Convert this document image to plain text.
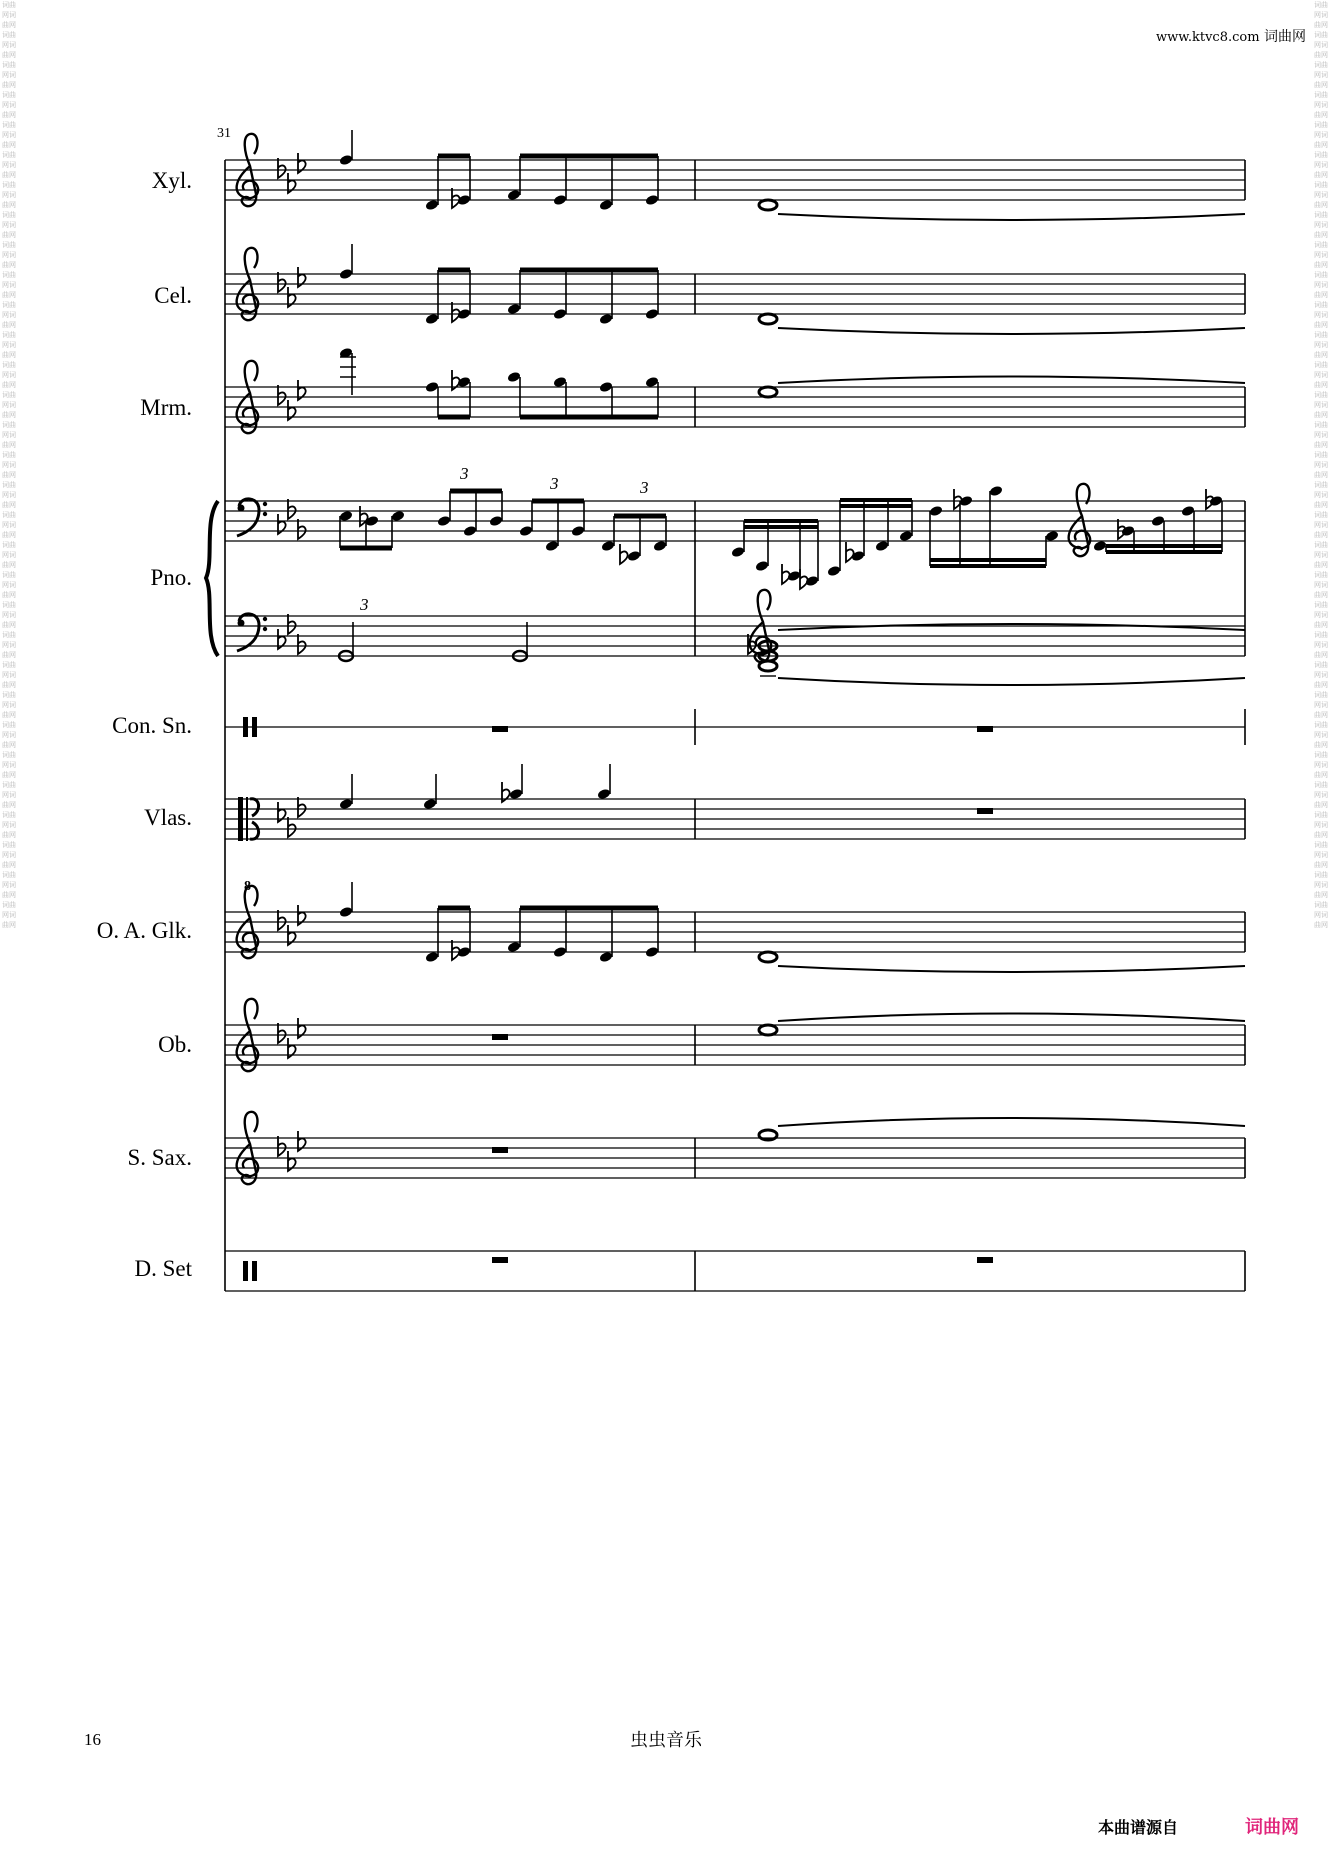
词曲网词曲网词曲网词曲网词曲网词曲网词曲网词曲网词曲网词曲网词曲网词曲网词曲网词曲网词曲网词曲网词曲网词曲网词曲网词曲网词曲网词曲网词曲网词曲网词曲网词曲网词曲网词曲网词曲网词曲网词曲网词曲网词曲网词曲网词曲网词曲网词曲网词曲网词曲网词曲网词曲网词曲网词曲网词曲网词曲网词曲网词曲网词曲网词曲网词曲网词曲网词曲网词曲网词曲网词曲网词曲网词曲网词曲网词曲网词曲网词曲网词曲网
词曲网词曲网词曲网词曲网词曲网词曲网词曲网词曲网词曲网词曲网词曲网词曲网词曲网词曲网词曲网词曲网词曲网词曲网词曲网词曲网词曲网词曲网词曲网词曲网词曲网词曲网词曲网词曲网词曲网词曲网词曲网词曲网词曲网词曲网词曲网词曲网词曲网词曲网词曲网词曲网词曲网词曲网词曲网词曲网词曲网词曲网词曲网词曲网词曲网词曲网词曲网词曲网词曲网词曲网词曲网词曲网词曲网词曲网词曲网词曲网词曲网词曲网
www.ktvc8.com 词曲网
31
Xyl.
Cel.
Mrm.
Pno.
Con. Sn.
Vlas.
O. A. Glk.
Ob.
S. Sax.
D. Set
8
3
3
3	3
16	虫虫音乐
本曲谱源自	词曲网
